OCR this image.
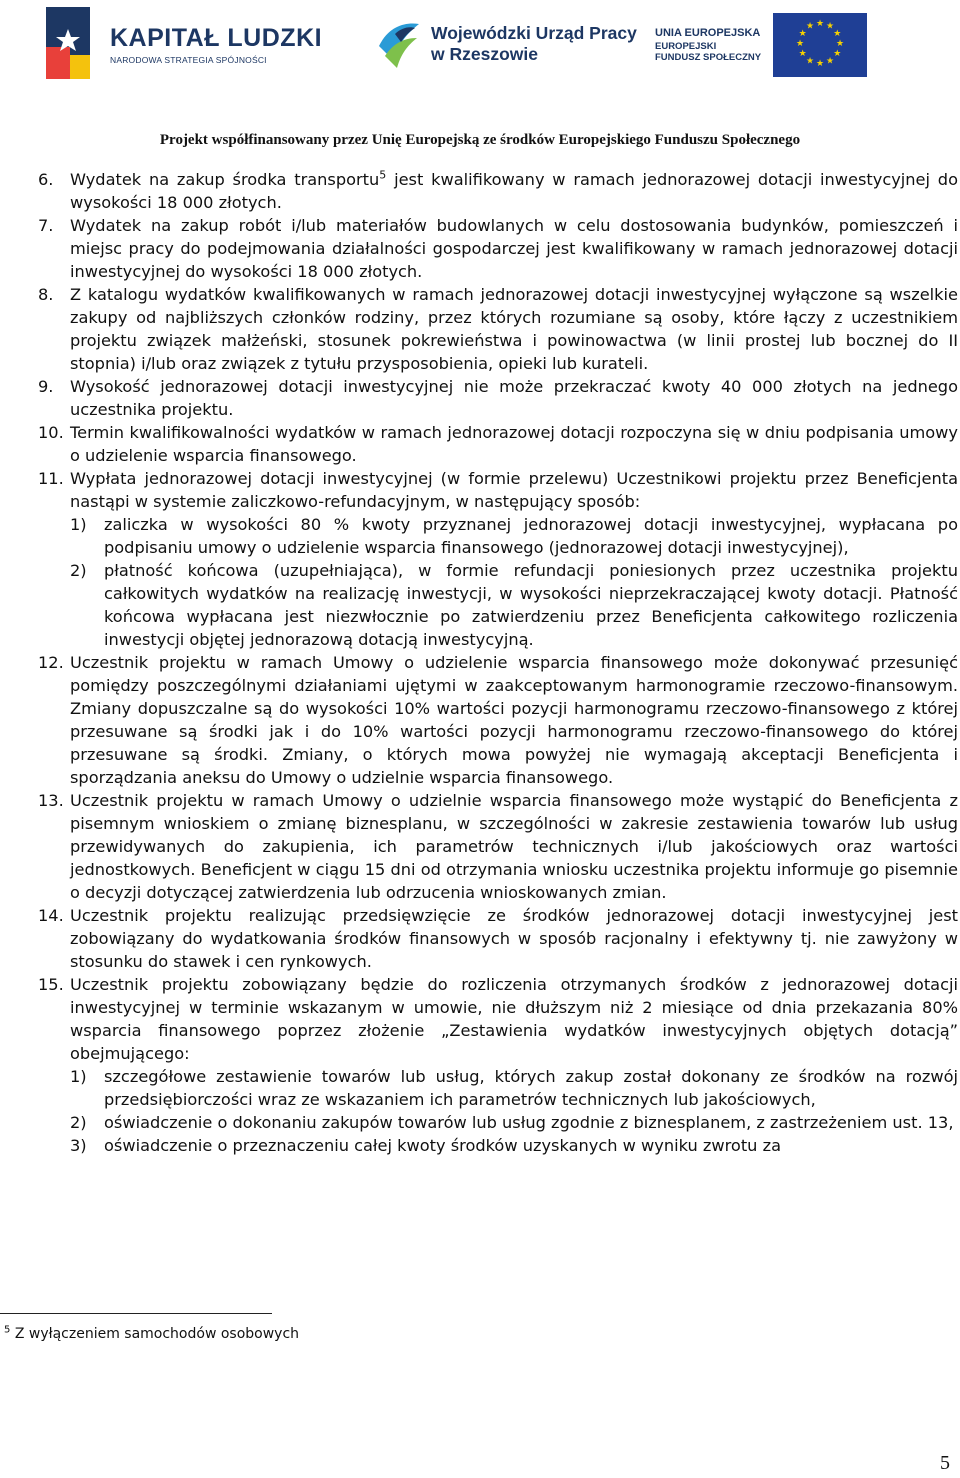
KAPITAŁ LUDZKI
NARODOWA STRATEGIA SPÓJNOŚCI
Wojewódzki Urząd Pracy
w Rzeszowie
UNIA EUROPEJSKA
EUROPEJSKI
FUNDUSZ SPOŁECZNY
★ ★
★
★
★
★
★
★
★
★
★
★
Projekt współfinansowany przez Unię Europejską ze środków Europejskiego Funduszu Społecznego
6.	Wydatek na zakup środka transportu$^5$ jest kwalifikowany w ramach jednorazowej dotacji inwestycyjnej do wysokości 18 000 złotych.
7.	Wydatek na zakup robót i/lub materiałów budowlanych w celu dostosowania budynków, pomieszczeń i miejsc pracy do podejmowania działalności gospodarczej jest kwalifikowany w ramach jednorazowej dotacji inwestycyjnej do wysokości 18 000 złotych.
8.	Z katalogu wydatków kwalifikowanych w ramach jednorazowej dotacji inwestycyjnej wyłączone są wszelkie zakupy od najbliższych członków rodziny, przez których rozumiane są osoby, które łączy z uczestnikiem projektu związek małżeński, stosunek pokrewieństwa i powinowactwa (w linii prostej lub bocznej do II stopnia) i/lub oraz związek z tytułu przysposobienia, opieki lub kurateli.
9.	Wysokość jednorazowej dotacji inwestycyjnej nie może przekraczać kwoty 40 000 złotych na jednego uczestnika projektu.
10. Termin kwalifikowalności wydatków w ramach jednorazowej dotacji rozpoczyna się w dniu podpisania umowy o udzielenie wsparcia finansowego.
11. Wypłata jednorazowej dotacji inwestycyjnej (w formie przelewu) Uczestnikowi projektu przez Beneficjenta nastąpi w systemie zaliczkowo-refundacyjnym, w następujący sposób:
1)	zaliczka w wysokości 80 % kwoty przyznanej jednorazowej dotacji inwestycyjnej, wypłacana po podpisaniu umowy o udzielenie wsparcia finansowego (jednorazowej dotacji inwestycyjnej),
2)	płatność końcowa (uzupełniająca), w formie refundacji poniesionych przez uczestnika projektu całkowitych wydatków na realizację inwestycji, w wysokości nieprzekraczającej kwoty dotacji. Płatność końcowa wypłacana jest niezwłocznie po zatwierdzeniu przez Beneficjenta całkowitego rozliczenia inwestycji objętej jednorazową dotacją inwestycyjną.
12. Uczestnik projektu w ramach Umowy o udzielenie wsparcia finansowego może dokonywać przesunięć pomiędzy poszczególnymi działaniami ujętymi w zaakceptowanym harmonogramie rzeczowo-finansowym. Zmiany dopuszczalne są do wysokości 10% wartości pozycji harmonogramu rzeczowo-finansowego z której przesuwane są środki jak i do 10% wartości pozycji harmonogramu rzeczowo-finansowego do której przesuwane są środki. Zmiany, o których mowa powyżej nie wymagają akceptacji Beneficjenta i sporządzania aneksu do Umowy o udzielnie wsparcia finansowego.
13. Uczestnik projektu w ramach Umowy o udzielnie wsparcia finansowego może wystąpić do Beneficjenta z pisemnym wnioskiem o zmianę biznesplanu, w szczególności w zakresie zestawienia towarów lub usług przewidywanych do zakupienia, ich parametrów technicznych i/lub jakościowych oraz wartości jednostkowych. Beneficjent w ciągu 15 dni od otrzymania wniosku uczestnika projektu informuje go pisemnie o decyzji dotyczącej zatwierdzenia lub odrzucenia wnioskowanych zmian.
14. Uczestnik projektu realizując przedsięwzięcie ze środków jednorazowej dotacji inwestycyjnej jest zobowiązany do wydatkowania środków finansowych w sposób racjonalny i efektywny tj. nie zawyżony w stosunku do stawek i cen rynkowych.
15. Uczestnik projektu zobowiązany będzie do rozliczenia otrzymanych środków z jednorazowej dotacji inwestycyjnej w terminie wskazanym w umowie, nie dłuższym niż 2 miesiące od dnia przekazania 80% wsparcia finansowego poprzez złożenie „Zestawienia wydatków inwestycyjnych objętych dotacją” obejmującego:
1)	szczegółowe zestawienie towarów lub usług, których zakup został dokonany ze środków na rozwój przedsiębiorczości wraz ze wskazaniem ich parametrów technicznych lub jakościowych,
2)	oświadczenie o dokonaniu zakupów towarów lub usług zgodnie z biznesplanem, z zastrzeżeniem ust. 13,
3)	oświadczenie o przeznaczeniu całej kwoty środków uzyskanych w wyniku zwrotu za
$^5$ Z wyłączeniem samochodów osobowych
5
